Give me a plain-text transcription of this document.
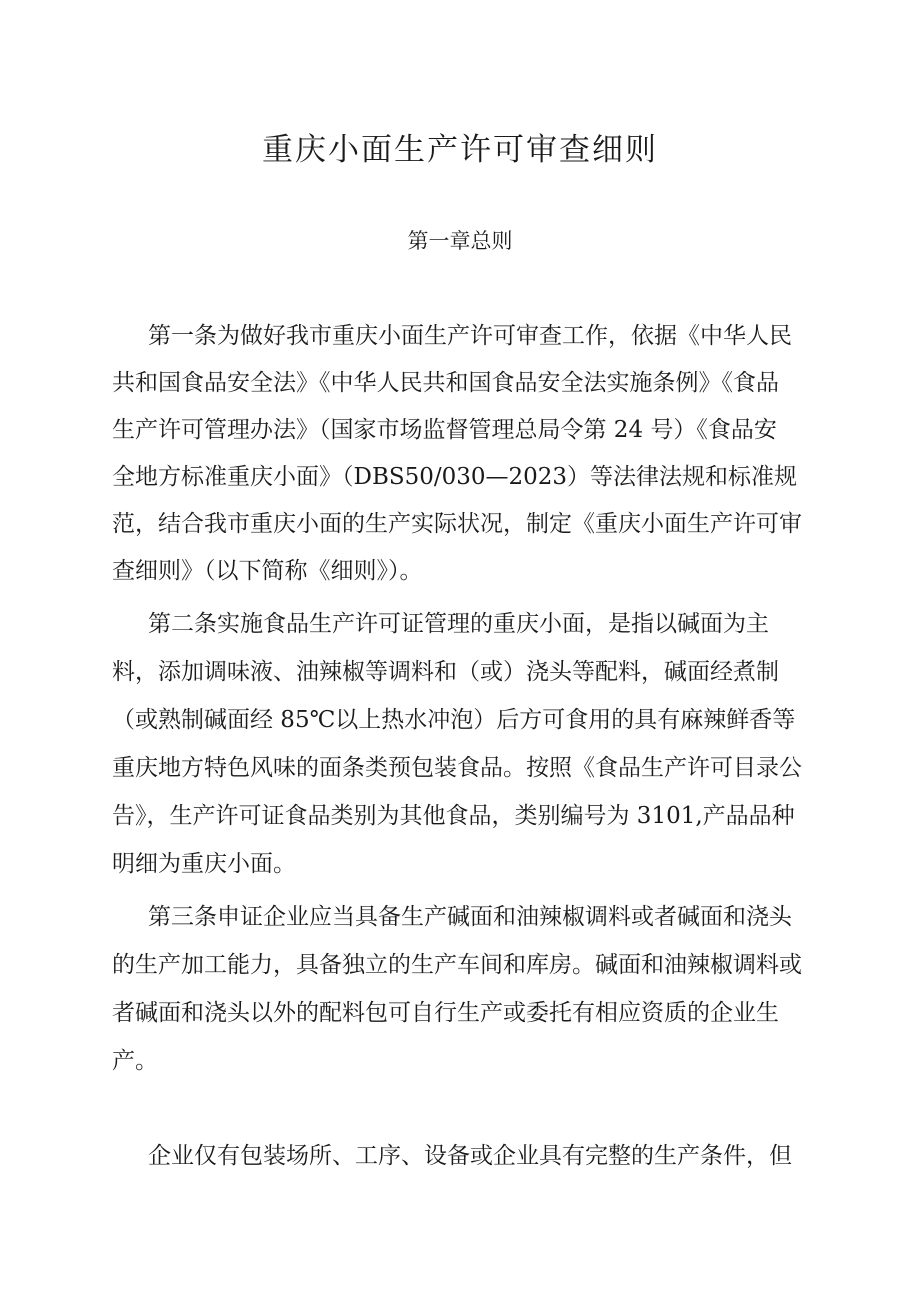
重庆小面生产许可审查细则
第一章总则
第一条为做好我市重庆小面生产许可审查工作，依据《中华人民
共和国食品安全法》《中华人民共和国食品安全法实施条例》《食品
生产许可管理办法》（国家市场监督管理总局令第 24 号）《食品安
全地方标准重庆小面》（DBS50/030—2023）等法律法规和标准规
范，结合我市重庆小面的生产实际状况，制定《重庆小面生产许可审
查细则》（以下简称《细则》）。
第二条实施食品生产许可证管理的重庆小面，是指以碱面为主
料，添加调味液、油辣椒等调料和（或）浇头等配料，碱面经煮制
（或熟制碱面经 85℃以上热水冲泡）后方可食用的具有麻辣鲜香等
重庆地方特色风味的面条类预包装食品。按照《食品生产许可目录公
告》，生产许可证食品类别为其他食品，类别编号为 3101,产品品种
明细为重庆小面。
第三条申证企业应当具备生产碱面和油辣椒调料或者碱面和浇头
的生产加工能力，具备独立的生产车间和库房。碱面和油辣椒调料或
者碱面和浇头以外的配料包可自行生产或委托有相应资质的企业生
产。
企业仅有包装场所、工序、设备或企业具有完整的生产条件，但
